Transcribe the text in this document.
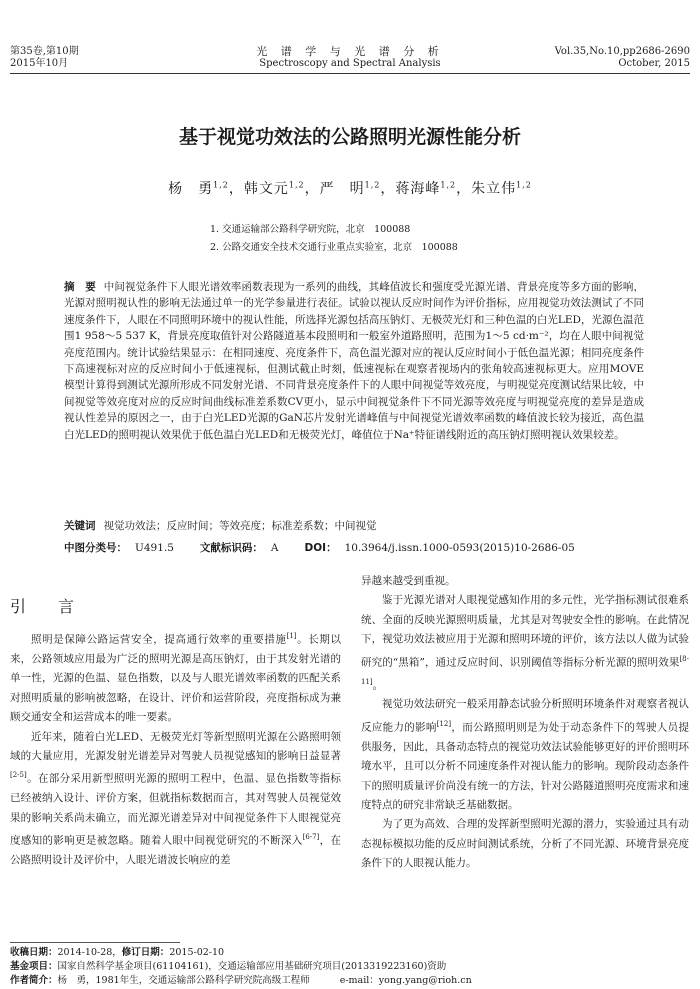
第35卷,第10期
2015年10月
光 谱 学 与 光 谱 分 析
Spectroscopy and Spectral Analysis
Vol.35,No.10,pp2686-2690
October, 2015
基于视觉功效法的公路照明光源性能分析
杨　勇$^{1,2}$，韩文元$^{1,2}$，严　明$^{1,2}$，蒋海峰$^{1,2}$，朱立伟$^{1,2}$
1. 交通运输部公路科学研究院，北京　100088
2. 公路交通安全技术交通行业重点实验室，北京　100088
摘　要 中间视觉条件下人眼光谱效率函数表现为一系列的曲线，其峰值波长和强度受光源光谱、背景亮度等多方面的影响，光源对照明视认性的影响无法通过单一的光学参量进行表征。试验以视认反应时间作为评价指标，应用视觉功效法测试了不同速度条件下，人眼在不同照明环境中的视认性能，所选择光源包括高压钠灯、无极荧光灯和三种色温的白光LED，光源色温范围1 958～5 537 K，背景亮度取值针对公路隧道基本段照明和一般室外道路照明，范围为1～5 cd·m⁻²，均在人眼中间视觉亮度范围内。统计试验结果显示：在相同速度、亮度条件下，高色温光源对应的视认反应时间小于低色温光源；相同亮度条件下高速视标对应的反应时间小于低速视标，但测试截止时刻，低速视标在观察者视场内的张角较高速视标更大。应用MOVE模型计算得到测试光源所形成不同发射光谱、不同背景亮度条件下的人眼中间视觉等效亮度，与明视觉亮度测试结果比较，中间视觉等效亮度对应的反应时间曲线标准差系数CV更小，显示中间视觉条件下不同光源等效亮度与明视觉亮度的差异是造成视认性差异的原因之一，由于白光LED光源的GaN芯片发射光谱峰值与中间视觉光谱效率函数的峰值波长较为接近，高色温白光LED的照明视认效果优于低色温白光LED和无极荧光灯，峰值位于Na⁺特征谱线附近的高压钠灯照明视认效果较差。
关键词 视觉功效法；反应时间；等效亮度；标准差系数；中间视觉
中图分类号： U491.5 文献标识码： A DOI： 10.3964/j.issn.1000-0593(2015)10-2686-05
引　言

照明是保障公路运营安全，提高通行效率的重要措施[1]。长期以来，公路领域应用最为广泛的照明光源是高压钠灯，由于其发射光谱的单一性，光源的色温、显色指数，以及与人眼光谱效率函数的匹配关系对照明质量的影响被忽略，在设计、评价和运营阶段，亮度指标成为兼顾交通安全和运营成本的唯一要素。

近年来，随着白光LED、无极荧光灯等新型照明光源在公路照明领域的大量应用，光源发射光谱差异对驾驶人员视觉感知的影响日益显著[2-5]。在部分采用新型照明光源的照明工程中，色温、显色指数等指标已经被纳入设计、评价方案，但就指标数据而言，其对驾驶人员视觉效果的影响关系尚未确立，而光源光谱差异对中间视觉条件下人眼视觉亮度感知的影响更是被忽略。随着人眼中间视觉研究的不断深入[6-7]，在公路照明设计及评价中，人眼光谱波长响应的差

异越来越受到重视。

鉴于光源光谱对人眼视觉感知作用的多元性，光学指标测试很难系统、全面的反映光源照明质量，尤其是对驾驶安全性的影响。在此情况下，视觉功效法被应用于光源和照明环境的评价，该方法以人做为试验研究的“黑箱”，通过反应时间、识别阈值等指标分析光源的照明效果[8-11]。

视觉功效法研究一般采用静态试验分析照明环境条件对观察者视认反应能力的影响[12]，而公路照明则是为处于动态条件下的驾驶人员提供服务，因此，具备动态特点的视觉功效法试验能够更好的评价照明环境水平，且可以分析不同速度条件对视认能力的影响。现阶段动态条件下的照明质量评价尚没有统一的方法，针对公路隧道照明亮度需求和速度特点的研究非常缺乏基础数据。

为了更为高效、合理的发挥新型照明光源的潜力，实验通过具有动态视标模拟功能的反应时间测试系统，分析了不同光源、环境背景亮度条件下的人眼视认能力。

收稿日期：2014-10-28，修订日期：2015-02-10
基金项目：国家自然科学基金项目(61104161)，交通运输部应用基础研究项目(2013319223160)资助
作者简介：杨　勇，1981年生，交通运输部公路科学研究院高级工程师	e-mail：yong.yang@rioh.cn
